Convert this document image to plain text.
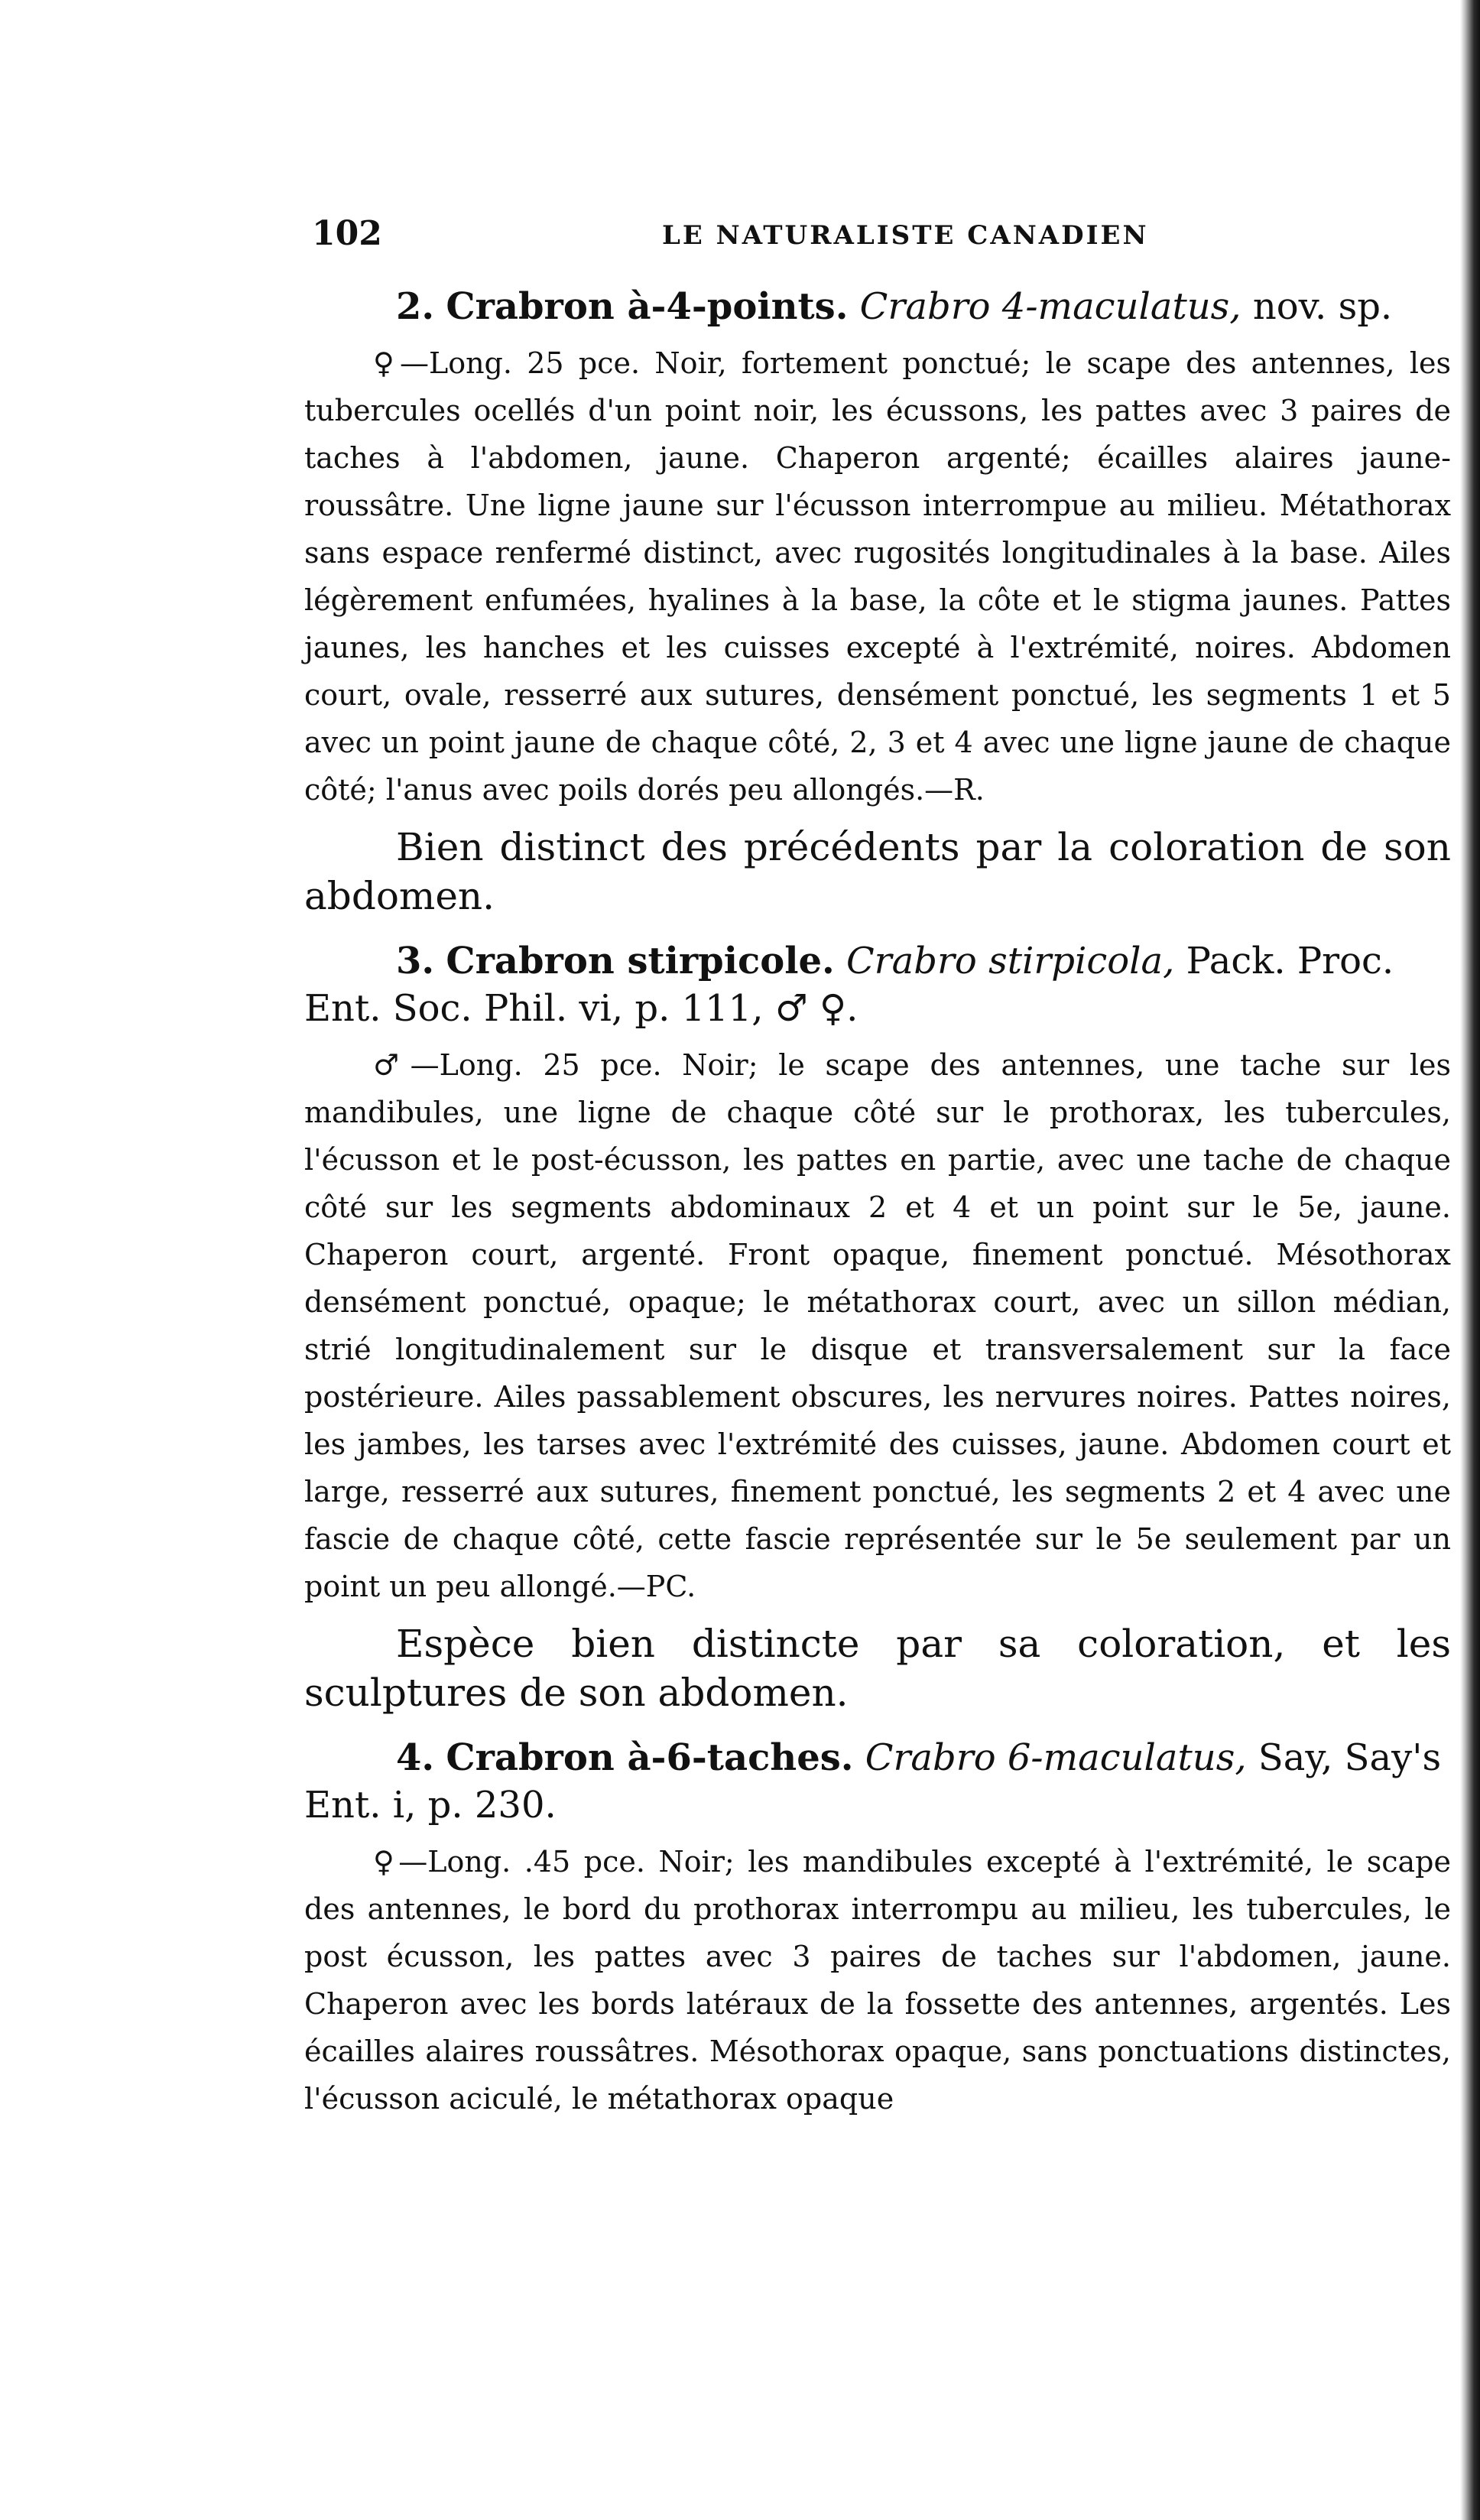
102	LE NATURALISTE CANADIEN

2. Crabron à-4-points. Crabro 4-maculatus, nov. sp.

♀—Long. 25 pce. Noir, fortement ponctué; le scape des antennes, les tubercules ocellés d'un point noir, les écussons, les pattes avec 3 paires de taches à l'abdomen, jaune. Chaperon argenté; écailles alaires jaune-roussâtre. Une ligne jaune sur l'écusson interrompue au milieu. Métathorax sans espace renfermé distinct, avec rugosités longitudinales à la base. Ailes légèrement enfumées, hyalines à la base, la côte et le stigma jaunes. Pattes jaunes, les hanches et les cuisses excepté à l'extrémité, noires. Abdomen court, ovale, resserré aux sutures, densément ponctué, les segments 1 et 5 avec un point jaune de chaque côté, 2, 3 et 4 avec une ligne jaune de chaque côté; l'anus avec poils dorés peu allongés.—R.

Bien distinct des précédents par la coloration de son abdomen.

3. Crabron stirpicole. Crabro stirpicola, Pack. Proc. Ent. Soc. Phil. vi, p. 111, ♂ ♀.

♂—Long. 25 pce. Noir; le scape des antennes, une tache sur les mandibules, une ligne de chaque côté sur le prothorax, les tubercules, l'écusson et le post-écusson, les pattes en partie, avec une tache de chaque côté sur les segments abdominaux 2 et 4 et un point sur le 5e, jaune. Chaperon court, argenté. Front opaque, finement ponctué. Mésothorax densément ponctué, opaque; le métathorax court, avec un sillon médian, strié longitudinalement sur le disque et transversalement sur la face postérieure. Ailes passablement obscures, les nervures noires. Pattes noires, les jambes, les tarses avec l'extrémité des cuisses, jaune. Abdomen court et large, resserré aux sutures, finement ponctué, les segments 2 et 4 avec une fascie de chaque côté, cette fascie représentée sur le 5e seulement par un point un peu allongé.—PC.

Espèce bien distincte par sa coloration, et les sculptures de son abdomen.

4. Crabron à-6-taches. Crabro 6-maculatus, Say, Say's Ent. i, p. 230.

♀—Long. .45 pce. Noir; les mandibules excepté à l'extrémité, le scape des antennes, le bord du prothorax interrompu au milieu, les tubercules, le post écusson, les pattes avec 3 paires de taches sur l'abdomen, jaune. Chaperon avec les bords latéraux de la fossette des antennes, argentés. Les écailles alaires roussâtres. Mésothorax opaque, sans ponctuations distinctes, l'écusson aciculé, le métathorax opaque
